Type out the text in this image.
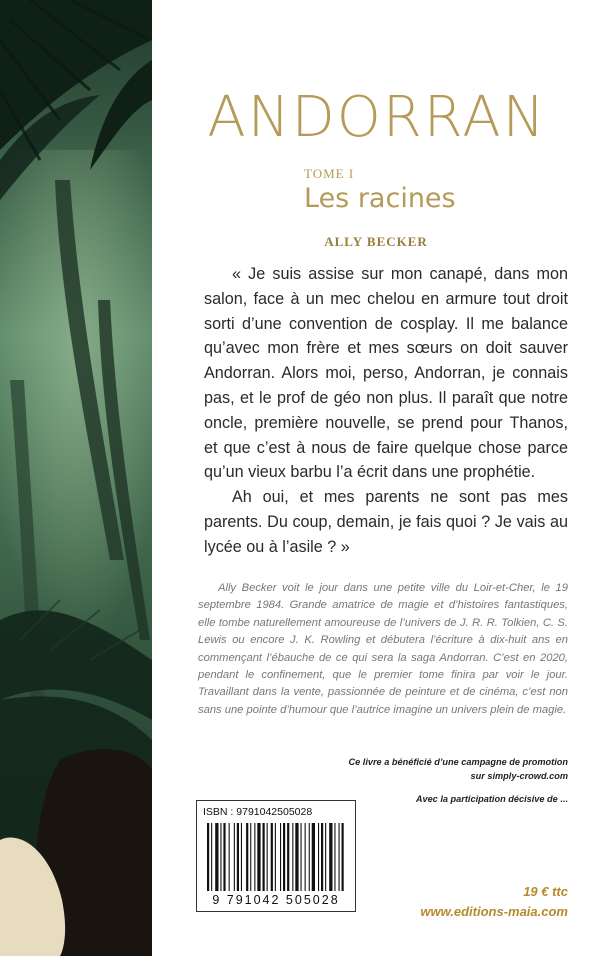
ANDORRAN
TOME I
Les racines
ALLY BECKER

« Je suis assise sur mon canapé, dans mon salon, face à un mec chelou en armure tout droit sorti d’une convention de cosplay. Il me balance qu’avec mon frère et mes sœurs on doit sauver Andorran. Alors moi, perso, Andorran, je connais pas, et le prof de géo non plus. Il paraît que notre oncle, première nouvelle, se prend pour Thanos, et que c’est à nous de faire quelque chose parce qu’un vieux barbu l’a écrit dans une prophétie.

Ah oui, et mes parents ne sont pas mes parents. Du coup, demain, je fais quoi ? Je vais au lycée ou à l’asile ? »

Ally Becker voit le jour dans une petite ville du Loir-et-Cher, le 19 septembre 1984. Grande amatrice de magie et d’histoires fantastiques, elle tombe naturellement amoureuse de l’univers de J. R. R. Tolkien, C. S. Lewis ou encore J. K. Rowling et débutera l’écriture à dix-huit ans en commençant l’ébauche de ce qui sera la saga Andorran. C’est en 2020, pendant le confinement, que le premier tome finira par voir le jour. Travaillant dans la vente, passionnée de peinture et de cinéma, c’est non sans une pointe d’humour que l’autrice imagine un univers plein de magie.

Ce livre a bénéficié d’une campagne de promotion
sur simply-crowd.com
Avec la participation décisive de ...
ISBN : 9791042505028
9 791042 505028
19 € ttc
www.editions-maia.com
